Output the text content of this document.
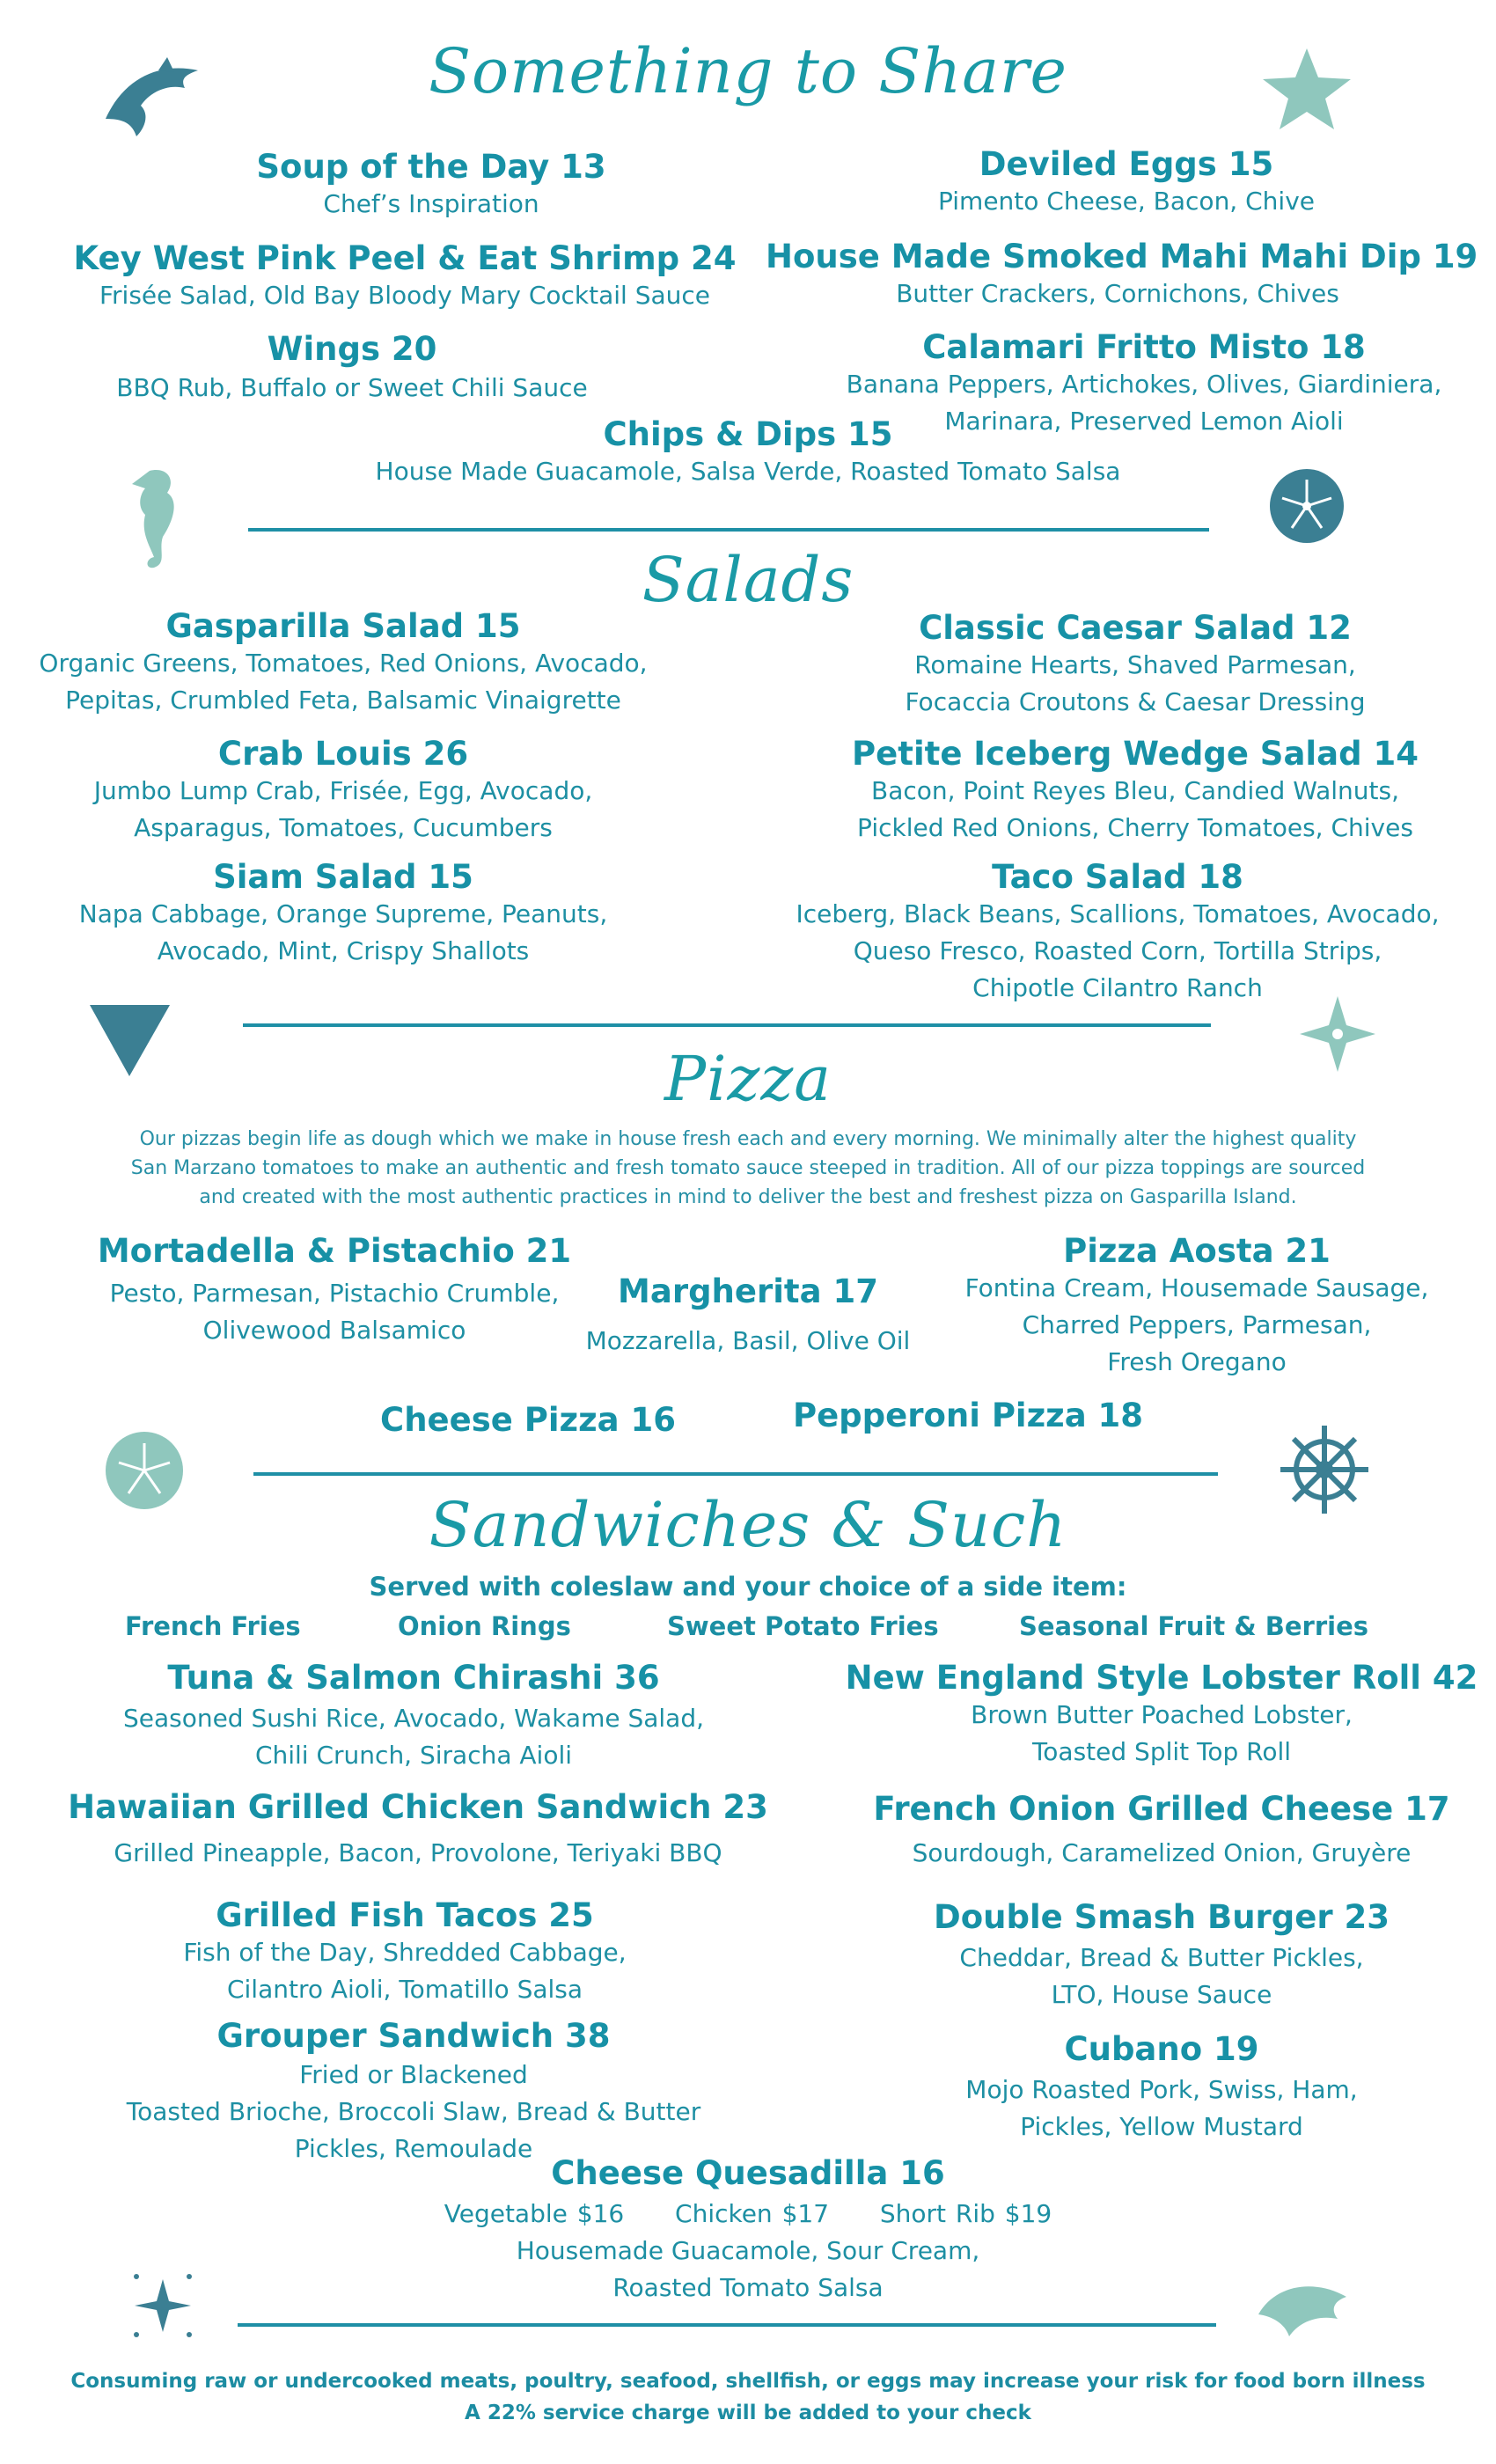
Something to Share
Soup of the Day 13
Chef’s Inspiration
Deviled Eggs 15
Pimento Cheese, Bacon, Chive
Key West Pink Peel & Eat Shrimp 24
Frisée Salad, Old Bay Bloody Mary Cocktail Sauce
House Made Smoked Mahi Mahi Dip 19
Butter Crackers, Cornichons, Chives
Wings 20
BBQ Rub, Buffalo or Sweet Chili Sauce
Calamari Fritto Misto 18
Banana Peppers, Artichokes, Olives, Giardiniera,
Marinara, Preserved Lemon Aioli
Chips & Dips 15
House Made Guacamole, Salsa Verde, Roasted Tomato Salsa
Salads
Gasparilla Salad 15
Organic Greens, Tomatoes, Red Onions, Avocado,
Pepitas, Crumbled Feta, Balsamic Vinaigrette
Classic Caesar Salad 12
Romaine Hearts, Shaved Parmesan,
Focaccia Croutons & Caesar Dressing
Crab Louis 26
Jumbo Lump Crab, Frisée, Egg, Avocado,
Asparagus, Tomatoes, Cucumbers
Petite Iceberg Wedge Salad 14
Bacon, Point Reyes Bleu, Candied Walnuts,
Pickled Red Onions, Cherry Tomatoes, Chives
Siam Salad 15
Napa Cabbage, Orange Supreme, Peanuts,
Avocado, Mint, Crispy Shallots
Taco Salad 18
Iceberg, Black Beans, Scallions, Tomatoes, Avocado,
Queso Fresco, Roasted Corn, Tortilla Strips,
Chipotle Cilantro Ranch
Pizza
Our pizzas begin life as dough which we make in house fresh each and every morning. We minimally alter the highest quality
San Marzano tomatoes to make an authentic and fresh tomato sauce steeped in tradition. All of our pizza toppings are sourced
and created with the most authentic practices in mind to deliver the best and freshest pizza on Gasparilla Island.
Mortadella & Pistachio 21
Pesto, Parmesan, Pistachio Crumble,
Olivewood Balsamico
Margherita 17
Mozzarella, Basil, Olive Oil
Pizza Aosta 21
Fontina Cream, Housemade Sausage,
Charred Peppers, Parmesan,
Fresh Oregano
Cheese Pizza 16	Pepperoni Pizza 18
Sandwiches & Such
Served with coleslaw and your choice of a side item:
French Fries	Onion Rings	Sweet Potato Fries	Seasonal Fruit & Berries
Tuna & Salmon Chirashi 36
Seasoned Sushi Rice, Avocado, Wakame Salad,
Chili Crunch, Siracha Aioli
New England Style Lobster Roll 42
Brown Butter Poached Lobster,
Toasted Split Top Roll
Hawaiian Grilled Chicken Sandwich 23
Grilled Pineapple, Bacon, Provolone, Teriyaki BBQ
French Onion Grilled Cheese 17
Sourdough, Caramelized Onion, Gruyère
Grilled Fish Tacos 25
Fish of the Day, Shredded Cabbage,
Cilantro Aioli, Tomatillo Salsa
Double Smash Burger 23
Cheddar, Bread & Butter Pickles,
LTO, House Sauce
Grouper Sandwich 38
Fried or Blackened
Toasted Brioche, Broccoli Slaw, Bread & Butter
Pickles, Remoulade
Cubano 19
Mojo Roasted Pork, Swiss, Ham,
Pickles, Yellow Mustard
Cheese Quesadilla 16
Vegetable $16 Chicken $17 Short Rib $19
Housemade Guacamole, Sour Cream,
Roasted Tomato Salsa
Consuming raw or undercooked meats, poultry, seafood, shellfish, or eggs may increase your risk for food born illness
A 22% service charge will be added to your check
